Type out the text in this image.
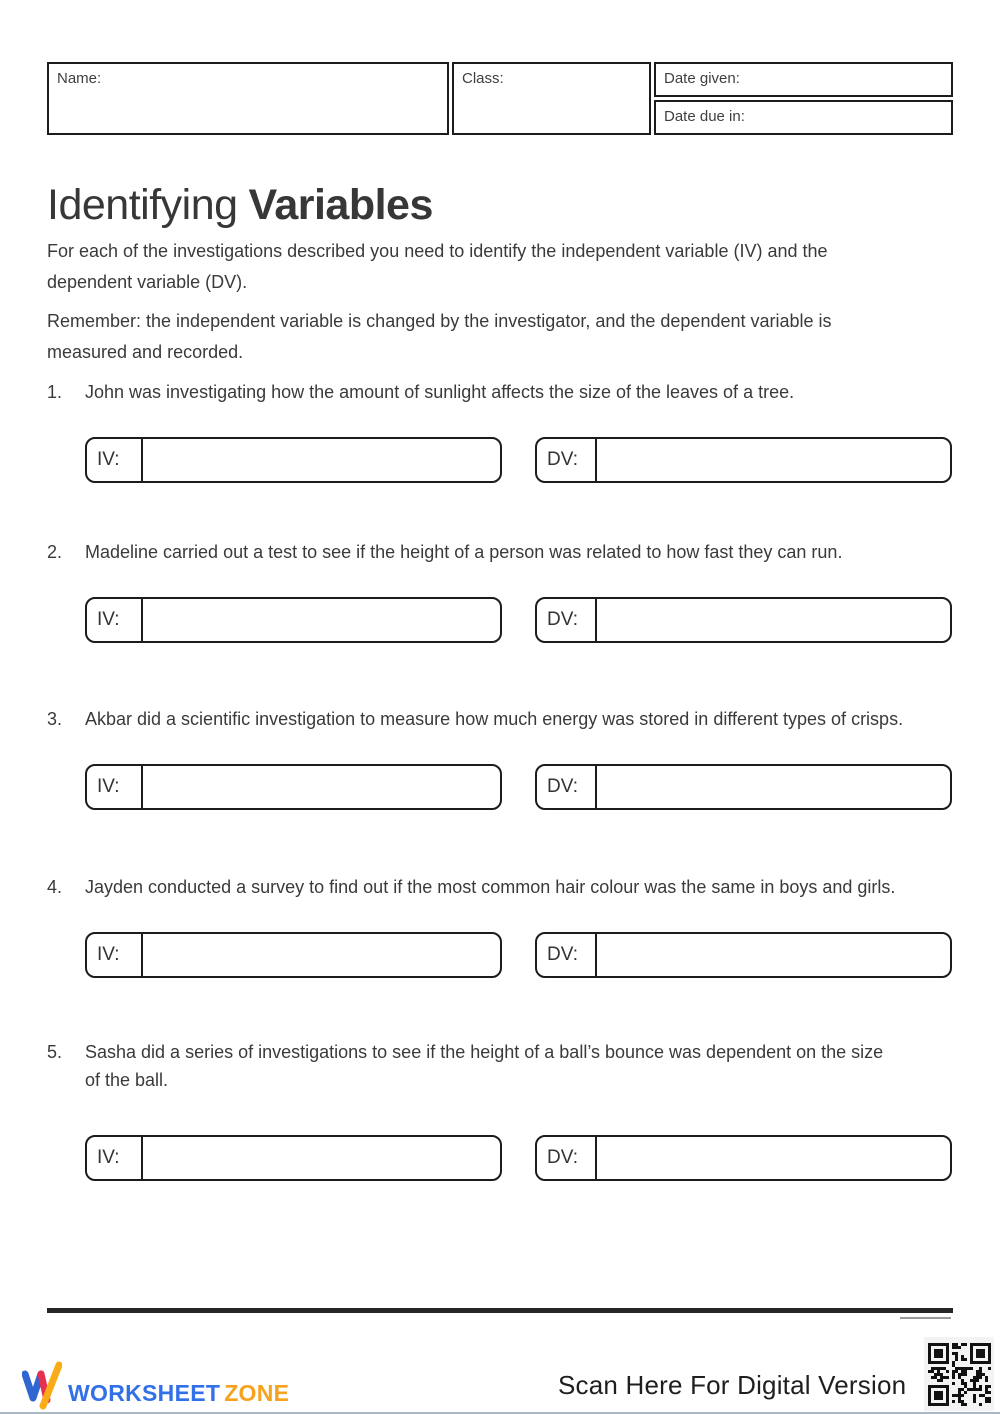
Name:	Class:	Date given:
Date due in:
Identifying Variables

For each of the investigations described you need to identify the independent variable (IV) and the
dependent variable (DV).

Remember: the independent variable is changed by the investigator, and the dependent variable is
measured and recorded.

1.	John was investigating how the amount of sunlight affects the size of the leaves of a tree.
IV:	DV:
2.	Madeline carried out a test to see if the height of a person was related to how fast they can run.
IV:	DV:
3.	Akbar did a scientific investigation to measure how much energy was stored in different types of crisps.
IV:	DV:
4.	Jayden conducted a survey to find out if the most common hair colour was the same in boys and girls.
IV:	DV:
5.	Sasha did a series of investigations to see if the height of a ball’s bounce was dependent on the size
of the ball.
IV:	DV:
WORKSHEET ZONE	Scan Here For Digital Version
